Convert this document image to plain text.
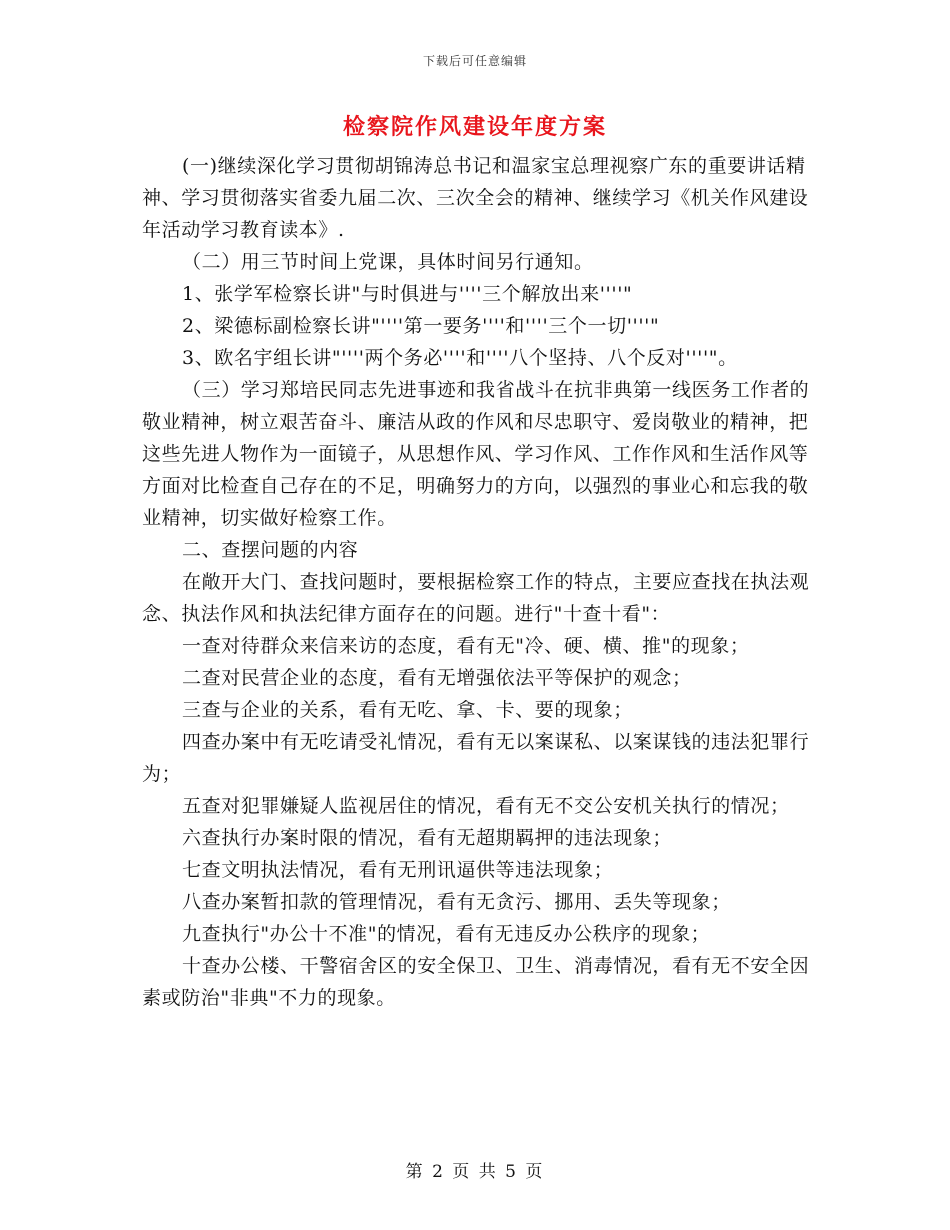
下载后可任意编辑
检察院作风建设年度方案

(一)继续深化学习贯彻胡锦涛总书记和温家宝总理视察广东的重要讲话精神、学习贯彻落实省委九届二次、三次全会的精神、继续学习《机关作风建设年活动学习教育读本》.

（二）用三节时间上党课，具体时间另行通知。

1、张学军检察长讲"与时俱进与''''三个解放出来''''"

2、梁德标副检察长讲"''''第一要务''''和''''三个一切''''"

3、欧名宇组长讲"''''两个务必''''和''''八个坚持、八个反对''''"。

（三）学习郑培民同志先进事迹和我省战斗在抗非典第一线医务工作者的敬业精神，树立艰苦奋斗、廉洁从政的作风和尽忠职守、爱岗敬业的精神，把这些先进人物作为一面镜子，从思想作风、学习作风、工作作风和生活作风等方面对比检查自己存在的不足，明确努力的方向，以强烈的事业心和忘我的敬业精神，切实做好检察工作。

二、查摆问题的内容

在敞开大门、查找问题时，要根据检察工作的特点，主要应查找在执法观念、执法作风和执法纪律方面存在的问题。进行"十查十看"：

一查对待群众来信来访的态度，看有无"冷、硬、横、推"的现象；

二查对民营企业的态度，看有无增强依法平等保护的观念；

三查与企业的关系，看有无吃、拿、卡、要的现象；

四查办案中有无吃请受礼情况，看有无以案谋私、以案谋钱的违法犯罪行为；

五查对犯罪嫌疑人监视居住的情况，看有无不交公安机关执行的情况；

六查执行办案时限的情况，看有无超期羁押的违法现象；

七查文明执法情况，看有无刑讯逼供等违法现象；

八查办案暂扣款的管理情况，看有无贪污、挪用、丢失等现象；

九查执行"办公十不准"的情况，看有无违反办公秩序的现象；

十查办公楼、干警宿舍区的安全保卫、卫生、消毒情况，看有无不安全因素或防治"非典"不力的现象。

第 2 页 共 5 页
